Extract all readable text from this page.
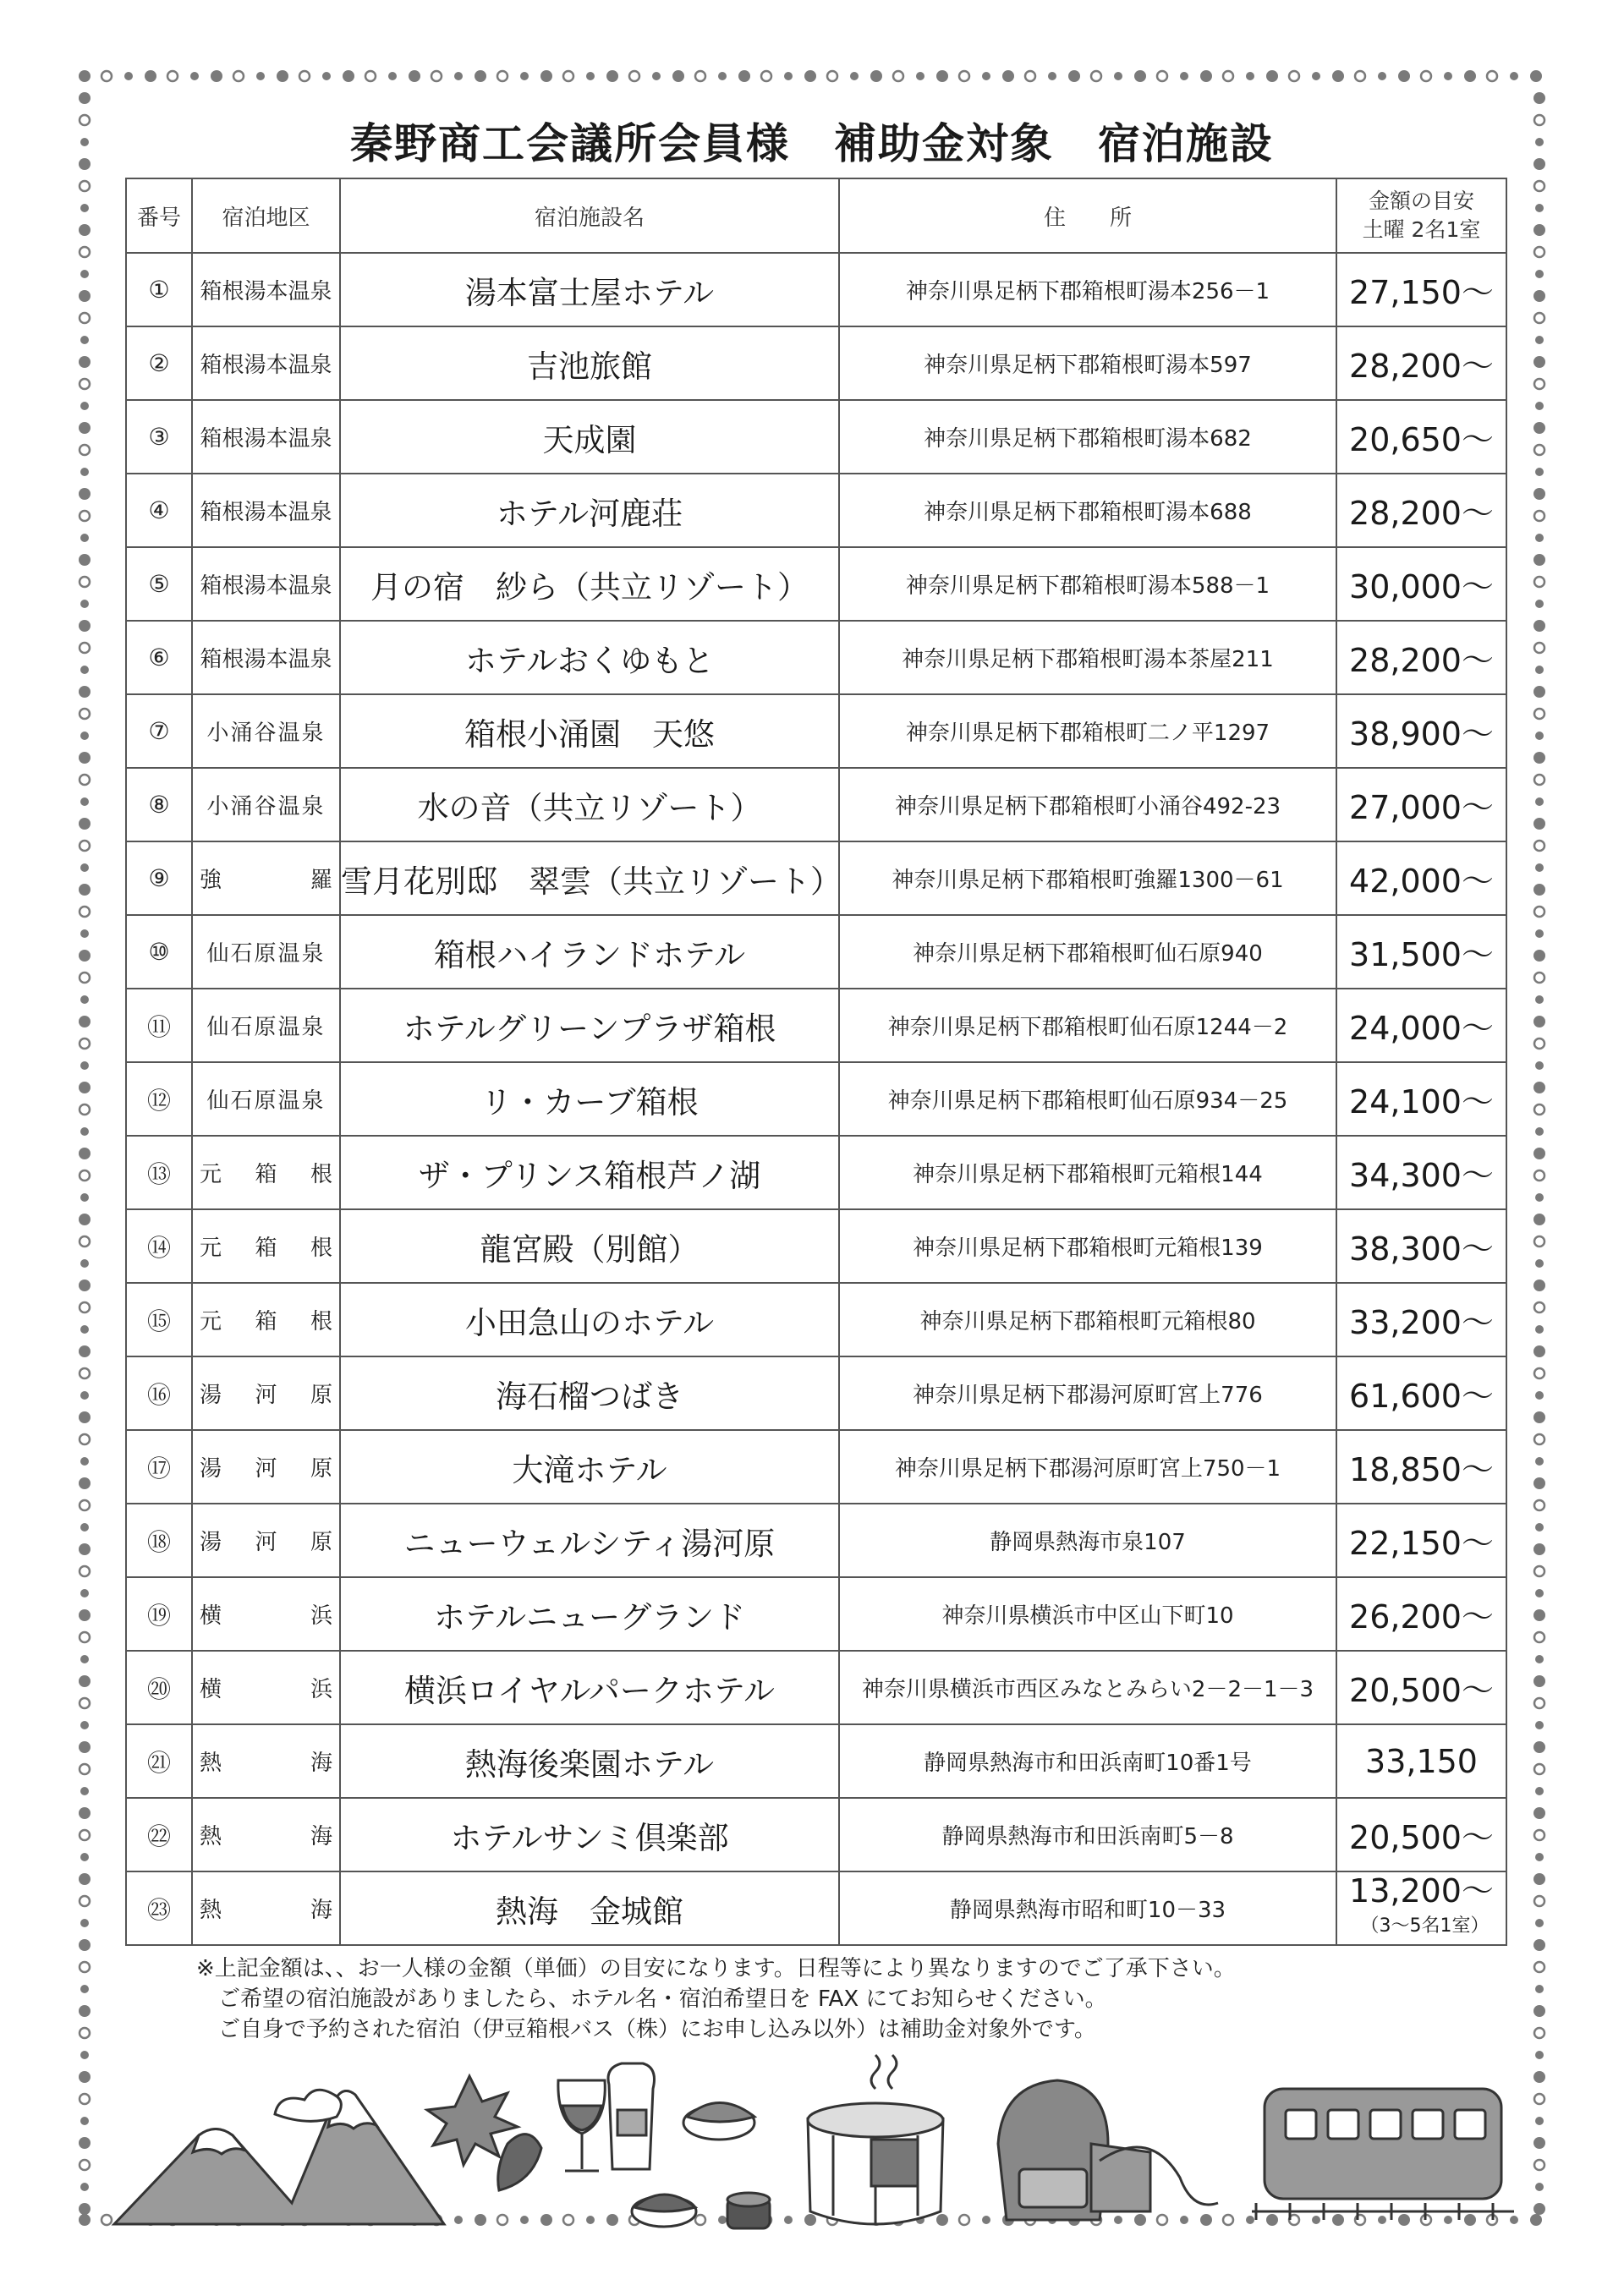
秦野商工会議所会員様　補助金対象　宿泊施設
番号	宿泊地区	宿泊施設名	住　　所	金額の目安
土曜 2名1室

①	箱根湯本温泉	湯本富士屋ホテル	神奈川県足柄下郡箱根町湯本256－1	27,150～
②	箱根湯本温泉	吉池旅館	神奈川県足柄下郡箱根町湯本597	28,200～
③	箱根湯本温泉	天成園	神奈川県足柄下郡箱根町湯本682	20,650～
④	箱根湯本温泉	ホテル河鹿荘	神奈川県足柄下郡箱根町湯本688	28,200～
⑤	箱根湯本温泉	月の宿　紗ら（共立リゾート）	神奈川県足柄下郡箱根町湯本588－1	30,000～
⑥	箱根湯本温泉	ホテルおくゆもと	神奈川県足柄下郡箱根町湯本茶屋211	28,200～
⑦	小涌谷温泉	箱根小涌園　天悠	神奈川県足柄下郡箱根町二ノ平1297	38,900～
⑧	小涌谷温泉	水の音（共立リゾート）	神奈川県足柄下郡箱根町小涌谷492-23	27,000～
⑨	強 羅	雪月花別邸　翠雲（共立リゾート）	神奈川県足柄下郡箱根町強羅1300－61	42,000～
⑩	仙石原温泉	箱根ハイランドホテル	神奈川県足柄下郡箱根町仙石原940	31,500～
⑪	仙石原温泉	ホテルグリーンプラザ箱根	神奈川県足柄下郡箱根町仙石原1244－2	24,000～
⑫	仙石原温泉	リ・カーブ箱根	神奈川県足柄下郡箱根町仙石原934－25	24,100～
⑬	元 箱 根	ザ・プリンス箱根芦ノ湖	神奈川県足柄下郡箱根町元箱根144	34,300～
⑭	元 箱 根	龍宮殿（別館）	神奈川県足柄下郡箱根町元箱根139	38,300～
⑮	元 箱 根	小田急山のホテル	神奈川県足柄下郡箱根町元箱根80	33,200～
⑯	湯 河 原	海石榴つばき	神奈川県足柄下郡湯河原町宮上776	61,600～
⑰	湯 河 原	大滝ホテル	神奈川県足柄下郡湯河原町宮上750－1	18,850～
⑱	湯 河 原	ニューウェルシティ湯河原	静岡県熱海市泉107	22,150～
⑲	横 浜	ホテルニューグランド	神奈川県横浜市中区山下町10	26,200～
⑳	横 浜	横浜ロイヤルパークホテル	神奈川県横浜市西区みなとみらい2－2－1－3	20,500～
㉑	熱 海	熱海後楽園ホテル	静岡県熱海市和田浜南町10番1号	33,150
㉒	熱 海	ホテルサンミ倶楽部	静岡県熱海市和田浜南町5－8	20,500～
㉓	熱 海	熱海　金城館	静岡県熱海市昭和町10－33	13,200～
（3～5名1室）
※上記金額は、、お一人様の金額（単価）の目安になります。日程等により異なりますのでご了承下さい。
ご希望の宿泊施設がありましたら、ホテル名・宿泊希望日を FAX にてお知らせください。
ご自身で予約された宿泊（伊豆箱根バス（株）にお申し込み以外）は補助金対象外です。
